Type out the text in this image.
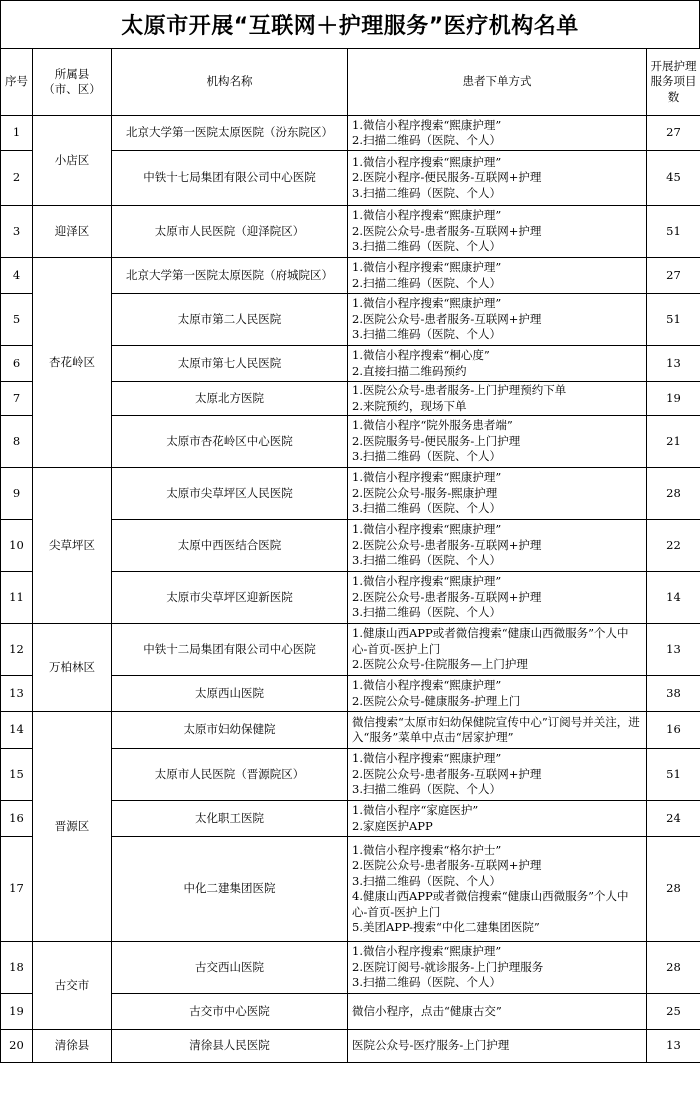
太原市开展“互联网＋护理服务”医疗机构名单
序号	所属县（市、区）	机构名称	患者下单方式	开展护理服务项目数
1	小店区	北京大学第一医院太原医院（汾东院区）	1.微信小程序搜索“熙康护理”
2.扫描二维码（医院、个人）	27
2		中铁十七局集团有限公司中心医院	1.微信小程序搜索“熙康护理”
2.医院小程序-便民服务-互联网+护理
3.扫描二维码（医院、个人）	45
3	迎泽区	太原市人民医院（迎泽院区）	1.微信小程序搜索“熙康护理”
2.医院公众号-患者服务-互联网+护理
3.扫描二维码（医院、个人）	51
4	杏花岭区	北京大学第一医院太原医院（府城院区）	1.微信小程序搜索“熙康护理”
2.扫描二维码（医院、个人）	27
5		太原市第二人民医院	1.微信小程序搜索“熙康护理”
2.医院公众号-患者服务-互联网+护理
3.扫描二维码（医院、个人）	51
6		太原市第七人民医院	1.微信小程序搜索“桐心度”
2.直接扫描二维码预约	13
7		太原北方医院	1.医院公众号-患者服务-上门护理预约下单
2.来院预约，现场下单	19
8		太原市杏花岭区中心医院	1.微信小程序“院外服务患者端”
2.医院服务号-便民服务-上门护理
3.扫描二维码（医院、个人）	21
9	尖草坪区	太原市尖草坪区人民医院	1.微信小程序搜索“熙康护理”
2.医院公众号-服务-熙康护理
3.扫描二维码（医院、个人）	28
10		太原中西医结合医院	1.微信小程序搜索“熙康护理”
2.医院公众号-患者服务-互联网+护理
3.扫描二维码（医院、个人）	22
11		太原市尖草坪区迎新医院	1.微信小程序搜索“熙康护理”
2.医院公众号-患者服务-互联网+护理
3.扫描二维码（医院、个人）	14
12	万柏林区	中铁十二局集团有限公司中心医院	1.健康山西APP或者微信搜索“健康山西微服务”个人中心-首页-医护上门
2.医院公众号-住院服务—上门护理	13
13		太原西山医院	1.微信小程序搜索“熙康护理”
2.医院公众号-健康服务-护理上门	38
14	晋源区	太原市妇幼保健院	微信搜索“太原市妇幼保健院宣传中心”订阅号并关注，进入“服务”菜单中点击“居家护理”	16
15		太原市人民医院（晋源院区）	1.微信小程序搜索“熙康护理”
2.医院公众号-患者服务-互联网+护理
3.扫描二维码（医院、个人）	51
16		太化职工医院	1.微信小程序“家庭医护”
2.家庭医护APP	24
17		中化二建集团医院	1.微信小程序搜索“格尔护士”
2.医院公众号-患者服务-互联网+护理
3.扫描二维码（医院、个人）
4.健康山西APP或者微信搜索“健康山西微服务”个人中心-首页-医护上门
5.美团APP-搜索“中化二建集团医院”	28
18	古交市	古交西山医院	1.微信小程序搜索“熙康护理”
2.医院订阅号-就诊服务-上门护理服务
3.扫描二维码（医院、个人）	28
19		古交市中心医院	微信小程序，点击“健康古交”	25
20	清徐县	清徐县人民医院	医院公众号-医疗服务-上门护理	13
